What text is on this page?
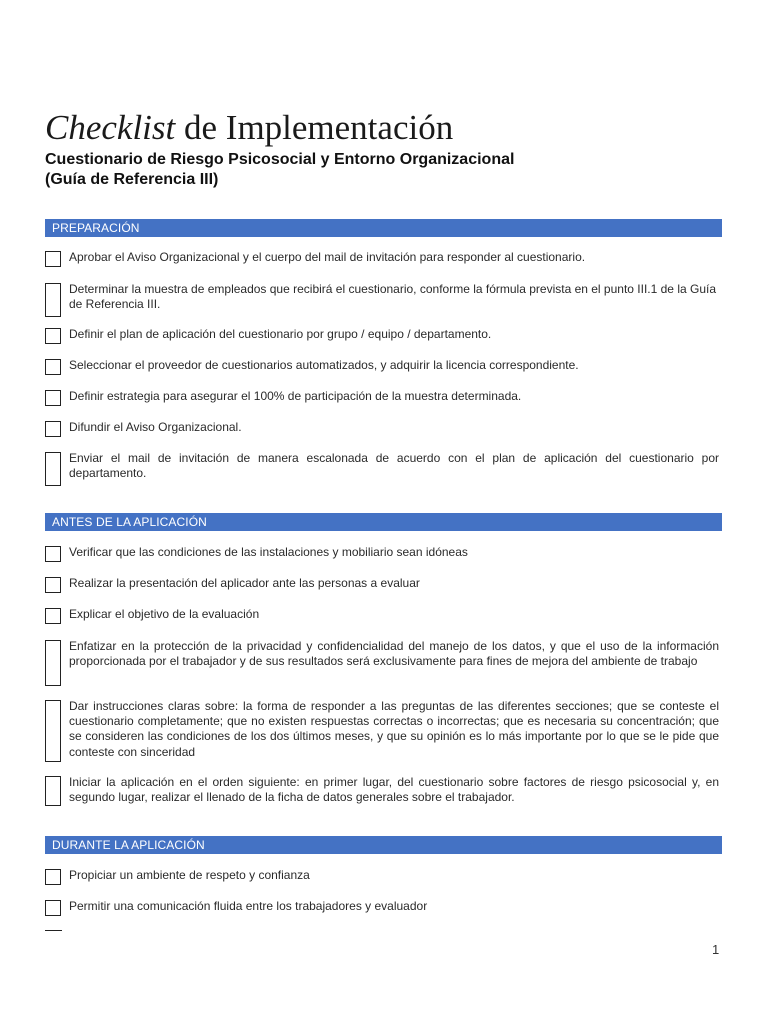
Checklist de Implementación
Cuestionario de Riesgo Psicosocial y Entorno Organizacional
(Guía de Referencia III)
PREPARACIÓN
Aprobar el Aviso Organizacional y el cuerpo del mail de invitación para responder al cuestionario.
Determinar la muestra de empleados que recibirá el cuestionario, conforme la fórmula prevista en el punto III.1 de la Guía de Referencia III.
Definir el plan de aplicación del cuestionario por grupo / equipo / departamento.
Seleccionar el proveedor de cuestionarios automatizados, y adquirir la licencia correspondiente.
Definir estrategia para asegurar el 100% de participación de la muestra determinada.
Difundir el Aviso Organizacional.
Enviar el mail de invitación de manera escalonada de acuerdo con el plan de aplicación del cuestionario por departamento.
ANTES DE LA APLICACIÓN
Verificar que las condiciones de las instalaciones y mobiliario sean idóneas
Realizar la presentación del aplicador ante las personas a evaluar
Explicar el objetivo de la evaluación
Enfatizar en la protección de la privacidad y confidencialidad del manejo de los datos, y que el uso de la información proporcionada por el trabajador y de sus resultados será exclusivamente para fines de mejora del ambiente de trabajo
Dar instrucciones claras sobre: la forma de responder a las preguntas de las diferentes secciones; que se conteste el cuestionario completamente; que no existen respuestas correctas o incorrectas; que es necesaria su concentración; que se consideren las condiciones de los dos últimos meses, y que su opinión es lo más importante por lo que se le pide que conteste con sinceridad
Iniciar la aplicación en el orden siguiente: en primer lugar, del cuestionario sobre factores de riesgo psicosocial y, en segundo lugar, realizar el llenado de la ficha de datos generales sobre el trabajador.
DURANTE LA APLICACIÓN
Propiciar un ambiente de respeto y confianza
Permitir una comunicación fluida entre los trabajadores y evaluador
1
